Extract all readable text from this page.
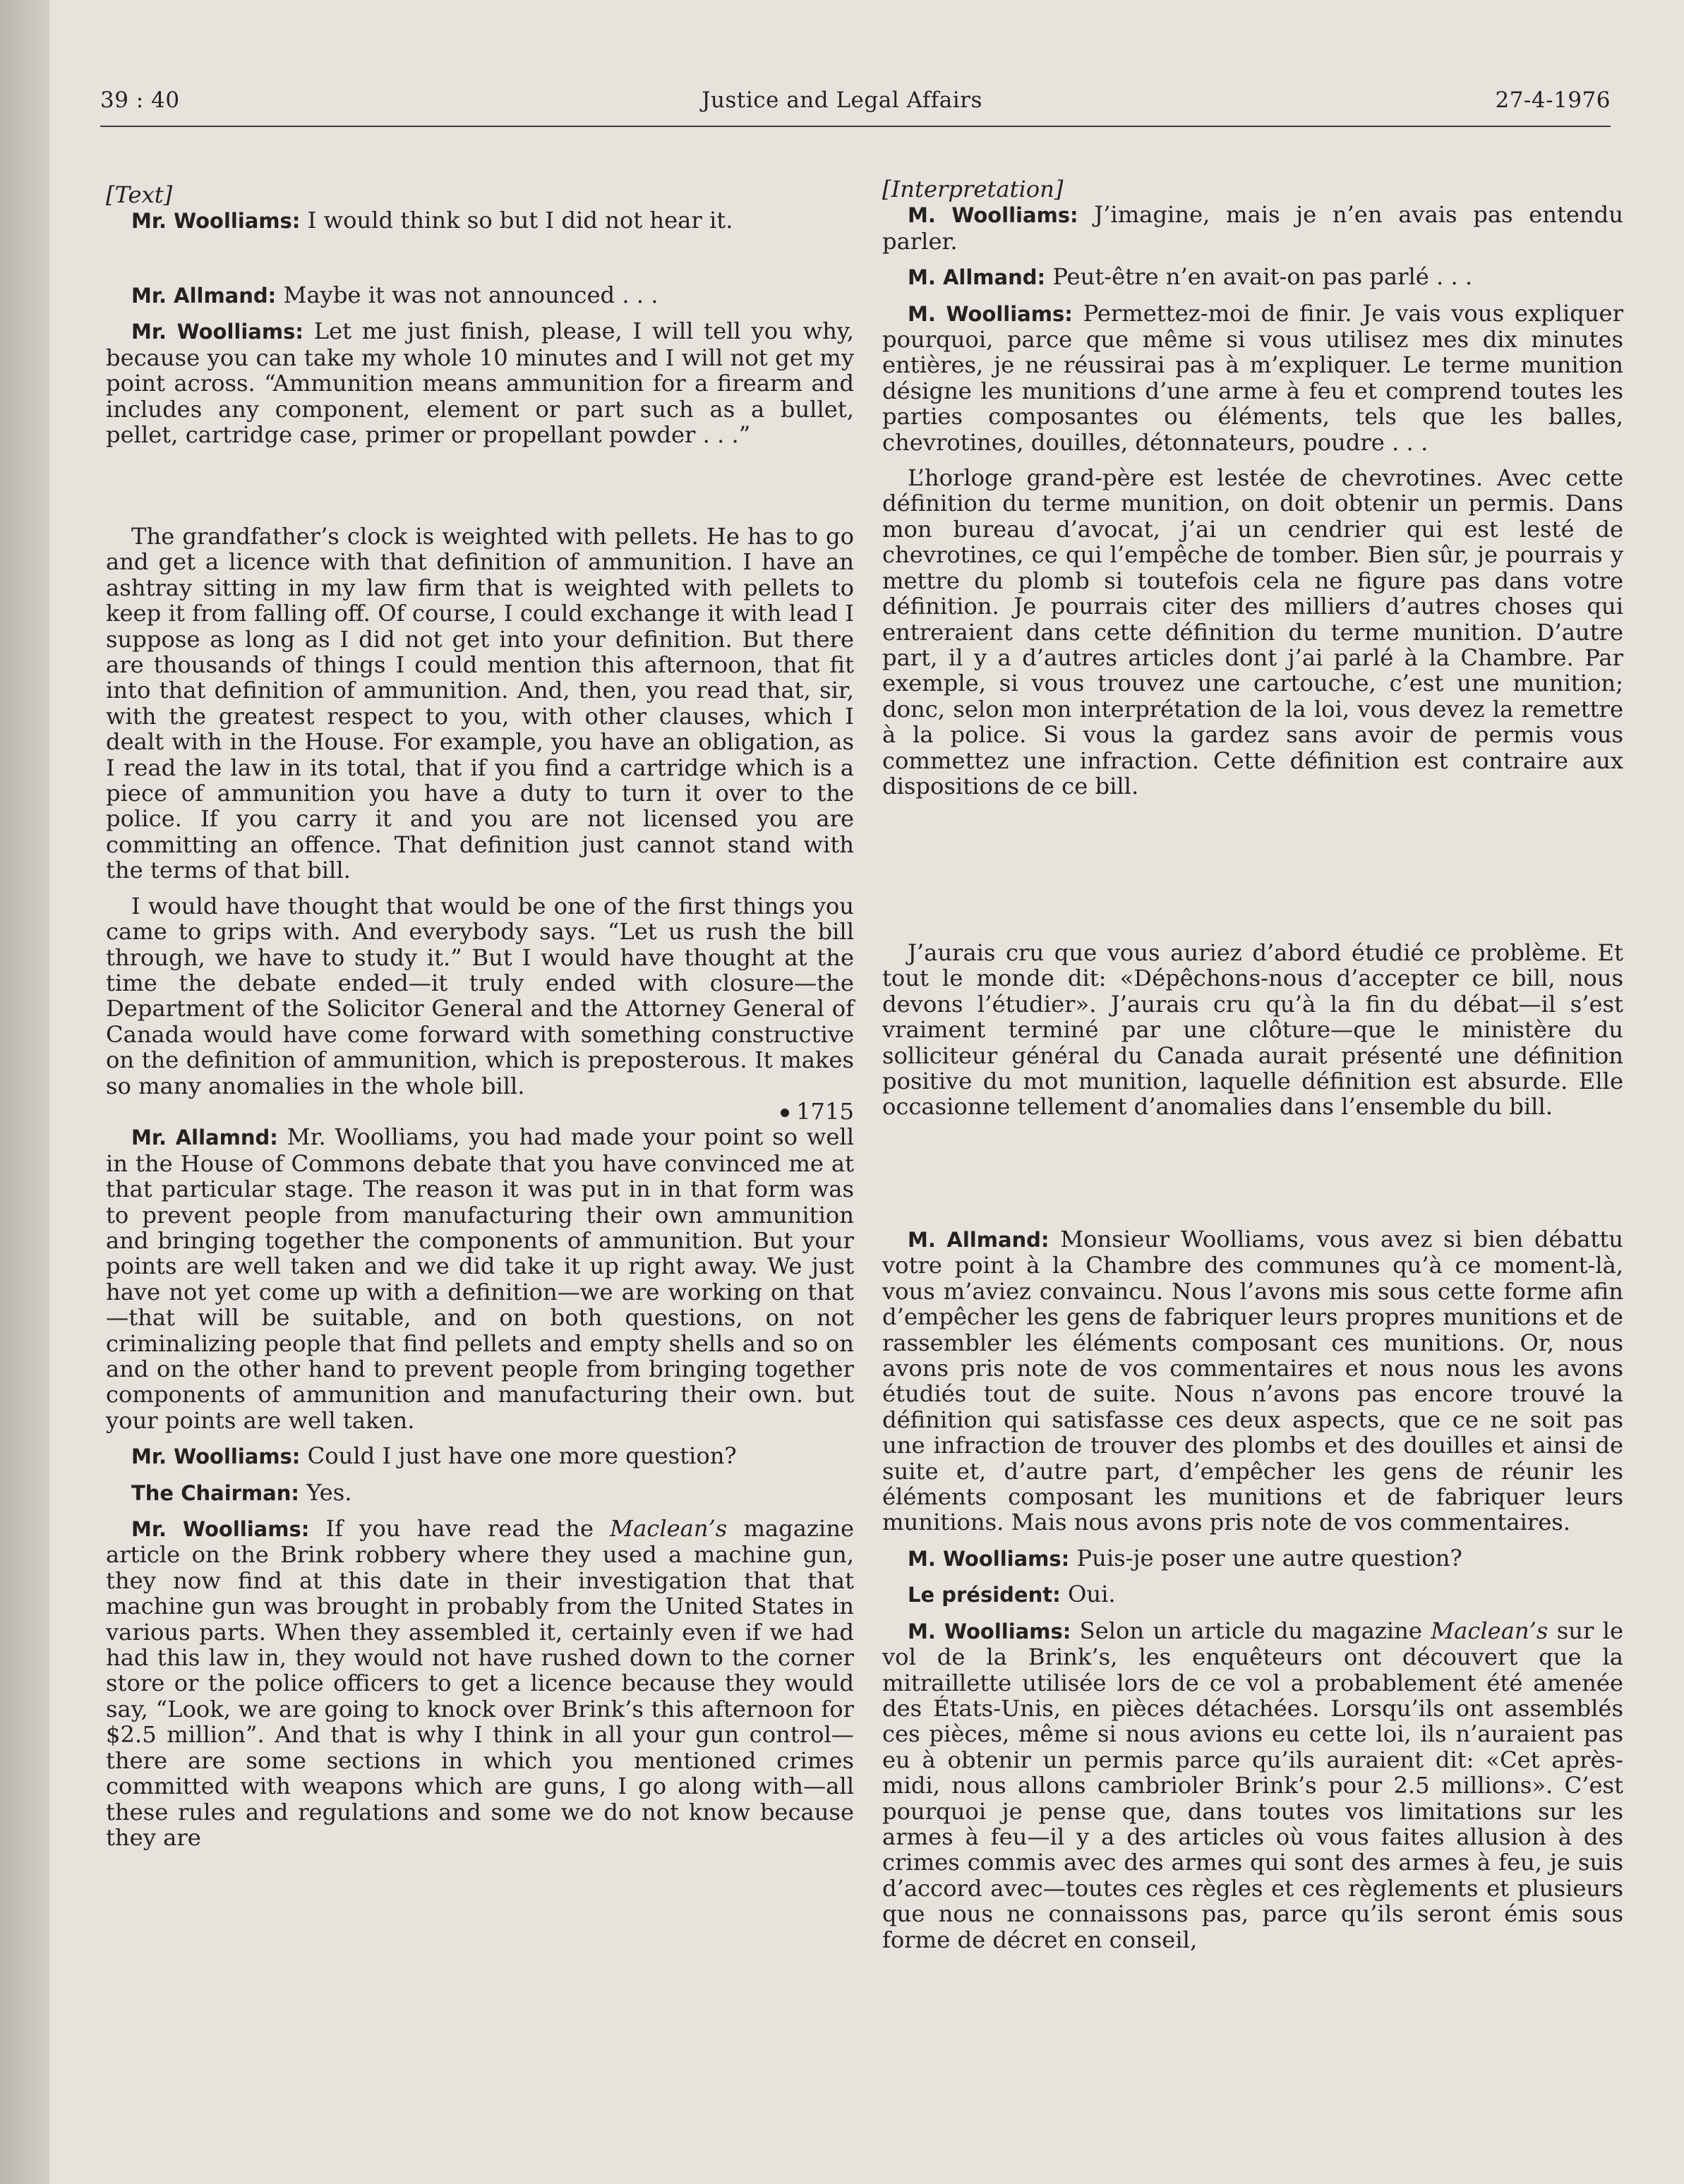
39 : 40	Justice and Legal Affairs	27-4-1976

[Text]

Mr. Woolliams: I would think so but I did not hear it.

Mr. Allmand: Maybe it was not announced . . .

Mr. Woolliams: Let me just finish, please, I will tell you why, because you can take my whole 10 minutes and I will not get my point across. “Ammunition means ammunition for a firearm and includes any component, element or part such as a bullet, pellet, cartridge case, primer or propellant powder . . .”

The grandfather’s clock is weighted with pellets. He has to go and get a licence with that definition of ammunition. I have an ashtray sitting in my law firm that is weighted with pellets to keep it from falling off. Of course, I could exchange it with lead I suppose as long as I did not get into your definition. But there are thousands of things I could mention this afternoon, that fit into that definition of ammunition. And, then, you read that, sir, with the greatest respect to you, with other clauses, which I dealt with in the House. For example, you have an obligation, as I read the law in its total, that if you find a cartridge which is a piece of ammunition you have a duty to turn it over to the police. If you carry it and you are not licensed you are committing an offence. That definition just cannot stand with the terms of that bill.

I would have thought that would be one of the first things you came to grips with. And everybody says. “Let us rush the bill through, we have to study it.” But I would have thought at the time the debate ended—it truly ended with closure—the Department of the Solicitor General and the Attorney General of Canada would have come forward with something constructive on the definition of ammunition, which is preposterous. It makes so many anomalies in the whole bill.

1715

Mr. Allamnd: Mr. Woolliams, you had made your point so well in the House of Commons debate that you have convinced me at that particular stage. The reason it was put in in that form was to prevent people from manufacturing their own ammunition and bringing together the components of ammunition. But your points are well taken and we did take it up right away. We just have not yet come up with a definition—we are working on that—that will be suitable, and on both questions, on not criminalizing people that find pellets and empty shells and so on and on the other hand to prevent people from bringing together components of ammunition and manufacturing their own. but your points are well taken.

Mr. Woolliams: Could I just have one more question?

The Chairman: Yes.

Mr. Woolliams: If you have read the Maclean’s magazine article on the Brink robbery where they used a machine gun, they now find at this date in their investigation that that machine gun was brought in probably from the United States in various parts. When they assembled it, certainly even if we had had this law in, they would not have rushed down to the corner store or the police officers to get a licence because they would say, “Look, we are going to knock over Brink’s this afternoon for $2.5 million”. And that is why I think in all your gun control—there are some sections in which you mentioned crimes committed with weapons which are guns, I go along with—all these rules and regulations and some we do not know because they are

[Interpretation]

M. Woolliams: J’imagine, mais je n’en avais pas entendu parler.

M. Allmand: Peut-être n’en avait-on pas parlé . . .

M. Woolliams: Permettez-moi de finir. Je vais vous expliquer pourquoi, parce que même si vous utilisez mes dix minutes entières, je ne réussirai pas à m’expliquer. Le terme munition désigne les munitions d’une arme à feu et comprend toutes les parties composantes ou éléments, tels que les balles, chevrotines, douilles, détonnateurs, poudre . . .

L’horloge grand-père est lestée de chevrotines. Avec cette définition du terme munition, on doit obtenir un permis. Dans mon bureau d’avocat, j’ai un cendrier qui est lesté de chevrotines, ce qui l’empêche de tomber. Bien sûr, je pourrais y mettre du plomb si toutefois cela ne figure pas dans votre définition. Je pourrais citer des milliers d’autres choses qui entreraient dans cette définition du terme munition. D’autre part, il y a d’autres articles dont j’ai parlé à la Chambre. Par exemple, si vous trouvez une cartouche, c’est une munition; donc, selon mon interprétation de la loi, vous devez la remettre à la police. Si vous la gardez sans avoir de permis vous commettez une infraction. Cette définition est contraire aux dispositions de ce bill.

J’aurais cru que vous auriez d’abord étudié ce problème. Et tout le monde dit: «Dépêchons-nous d’accepter ce bill, nous devons l’étudier». J’aurais cru qu’à la fin du débat—il s’est vraiment terminé par une clôture—que le ministère du solliciteur général du Canada aurait présenté une définition positive du mot munition, laquelle définition est absurde. Elle occasionne tellement d’anomalies dans l’ensemble du bill.

M. Allmand: Monsieur Woolliams, vous avez si bien débattu votre point à la Chambre des communes qu’à ce moment-là, vous m’aviez convaincu. Nous l’avons mis sous cette forme afin d’empêcher les gens de fabriquer leurs propres munitions et de rassembler les éléments composant ces munitions. Or, nous avons pris note de vos commentaires et nous nous les avons étudiés tout de suite. Nous n’avons pas encore trouvé la définition qui satisfasse ces deux aspects, que ce ne soit pas une infraction de trouver des plombs et des douilles et ainsi de suite et, d’autre part, d’empêcher les gens de réunir les éléments composant les munitions et de fabriquer leurs munitions. Mais nous avons pris note de vos commentaires.

M. Woolliams: Puis-je poser une autre question?

Le président: Oui.

M. Woolliams: Selon un article du magazine Maclean’s sur le vol de la Brink’s, les enquêteurs ont découvert que la mitraillette utilisée lors de ce vol a probablement été amenée des États-Unis, en pièces détachées. Lorsqu’ils ont assemblés ces pièces, même si nous avions eu cette loi, ils n’auraient pas eu à obtenir un permis parce qu’ils auraient dit: «Cet après-midi, nous allons cambrioler Brink’s pour 2.5 millions». C’est pourquoi je pense que, dans toutes vos limitations sur les armes à feu—il y a des articles où vous faites allusion à des crimes commis avec des armes qui sont des armes à feu, je suis d’accord avec—toutes ces règles et ces règlements et plusieurs que nous ne connaissons pas, parce qu’ils seront émis sous forme de décret en conseil,
